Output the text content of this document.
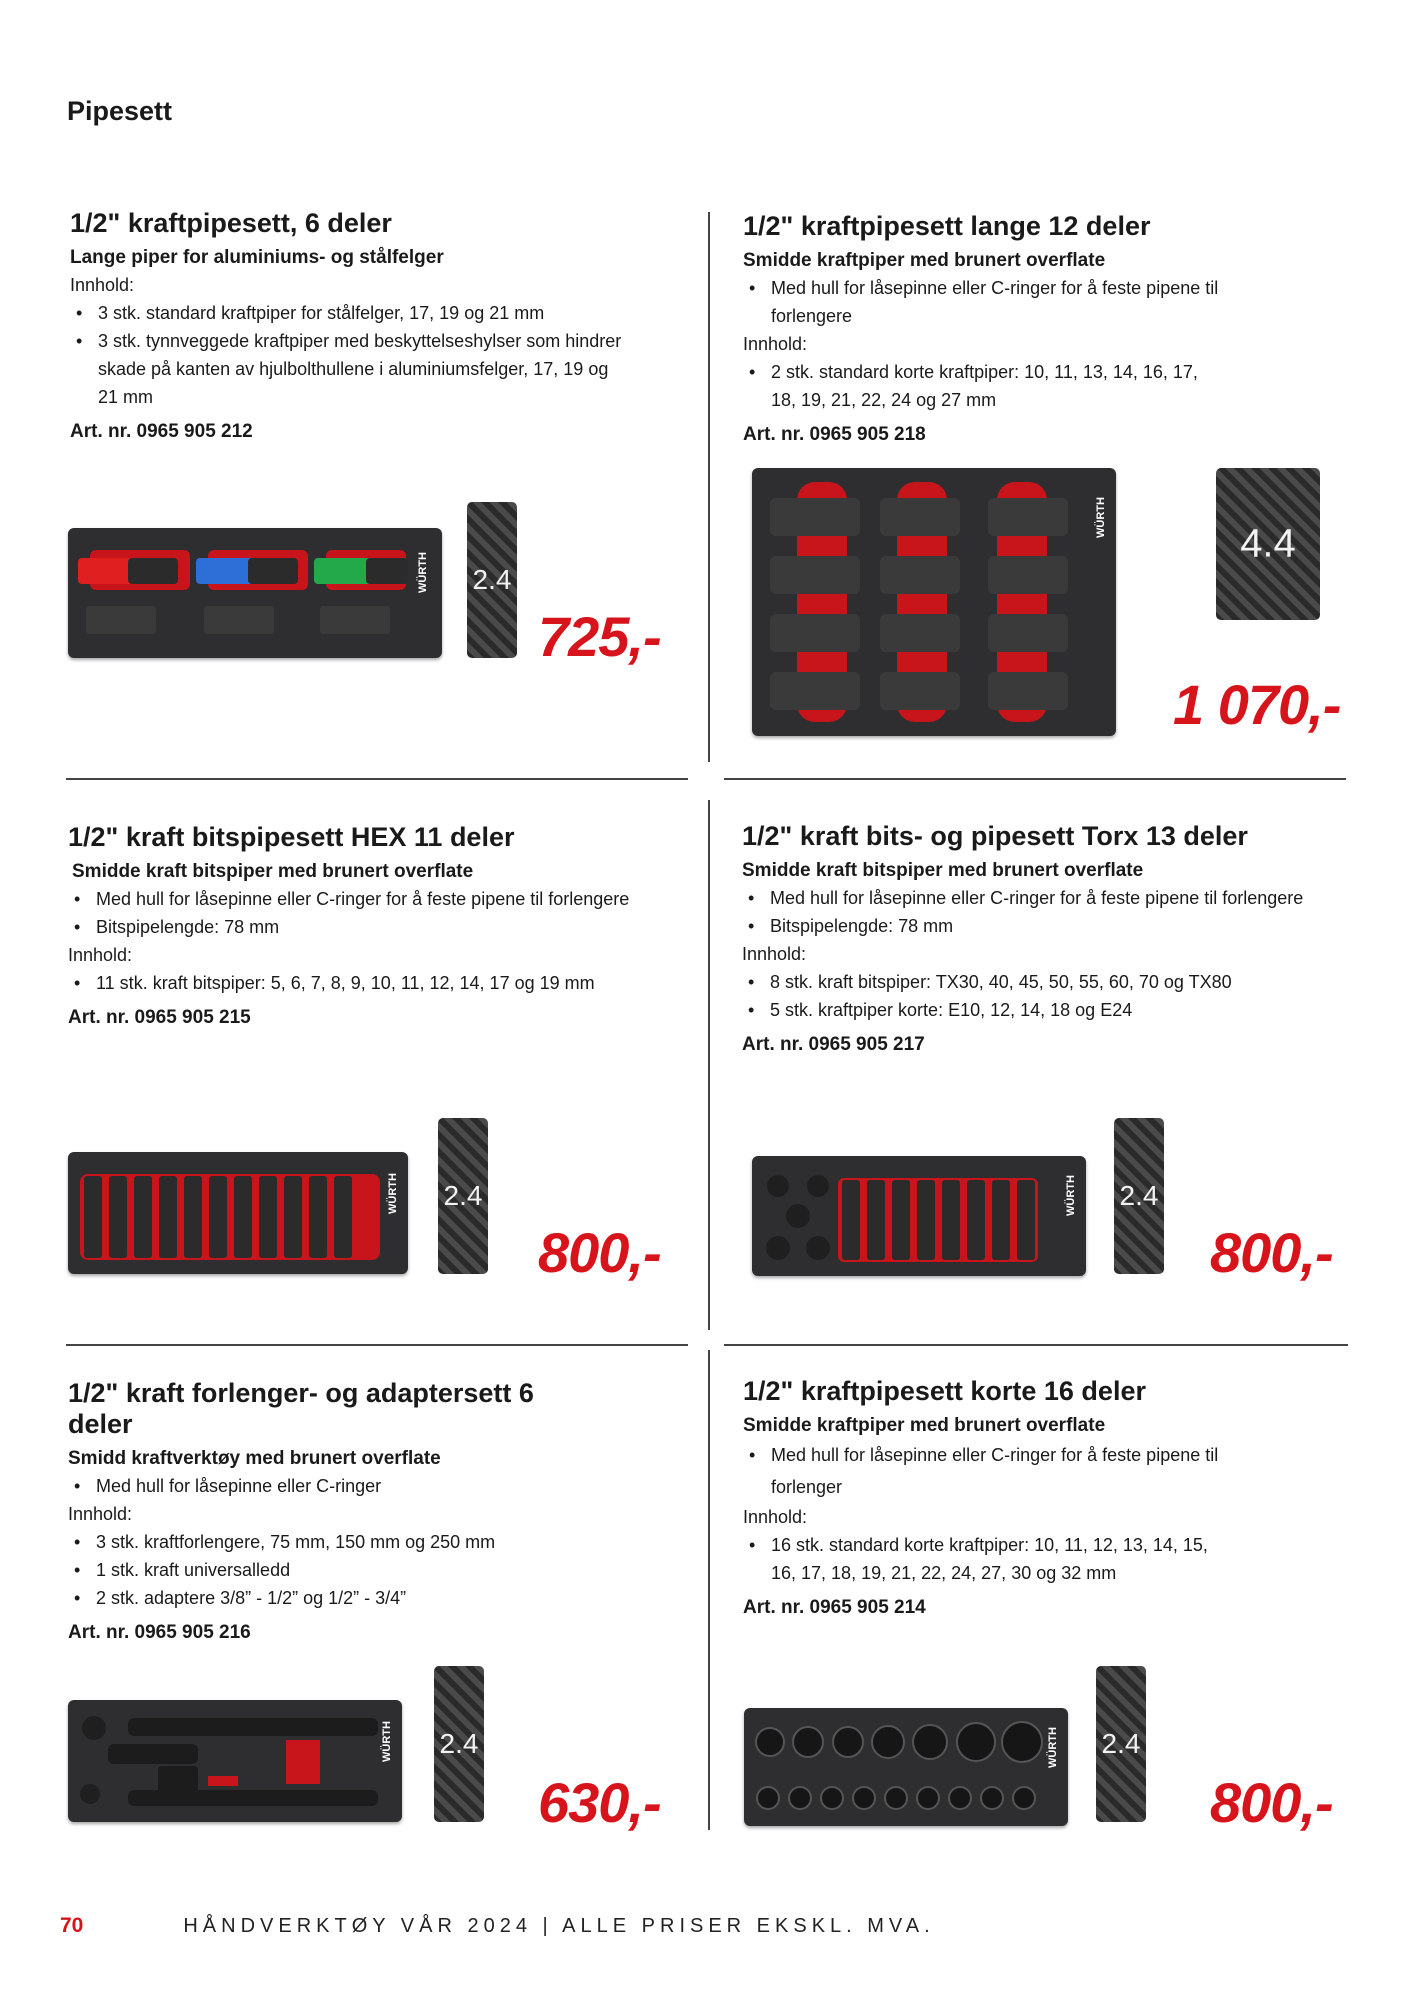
Pipesett
1/2" kraftpipesett, 6 deler
Lange piper for aluminiums- og stålfelger
Innhold:
• 3 stk. standard kraftpiper for stålfelger, 17, 19 og 21 mm
• 3 stk. tynnveggede kraftpiper med beskyttelseshylser som hindrer skade på kanten av hjulbolthullene i aluminiumsfelger, 17, 19 og 21 mm
Art. nr. 0965 905 212
WÜRTH 2.4
725,-
1/2" kraftpipesett lange 12 deler
Smidde kraftpiper med brunert overflate
• Med hull for låsepinne eller C-ringer for å feste pipene til forlengere
Innhold:
• 2 stk. standard korte kraftpiper: 10, 11, 13, 14, 16, 17, 18, 19, 21, 22, 24 og 27 mm
Art. nr. 0965 905 218
WÜRTH
4.4
1 070,-
1/2" kraft bitspipesett HEX 11 deler
Smidde kraft bitspiper med brunert overflate
• Med hull for låsepinne eller C-ringer for å feste pipene til forlengere
• Bitspipelengde: 78 mm
Innhold:
• 11 stk. kraft bitspiper: 5, 6, 7, 8, 9, 10, 11, 12, 14, 17 og 19 mm
Art. nr. 0965 905 215
WÜRTH 2.4
800,-
1/2" kraft bits- og pipesett Torx 13 deler
Smidde kraft bitspiper med brunert overflate
• Med hull for låsepinne eller C-ringer for å feste pipene til forlengere
• Bitspipelengde: 78 mm
Innhold:
• 8 stk. kraft bitspiper: TX30, 40, 45, 50, 55, 60, 70 og TX80
• 5 stk. kraftpiper korte: E10, 12, 14, 18 og E24
Art. nr. 0965 905 217
WÜRTH 2.4
800,-
1/2" kraft forlenger- og adaptersett 6 deler
Smidd kraftverktøy med brunert overflate
• Med hull for låsepinne eller C-ringer
Innhold:
• 3 stk. kraftforlengere, 75 mm, 150 mm og 250 mm
• 1 stk. kraft universalledd
• 2 stk. adaptere 3/8” - 1/2” og 1/2” - 3/4”
Art. nr. 0965 905 216
WÜRTH 2.4
630,-
1/2" kraftpipesett korte 16 deler
Smidde kraftpiper med brunert overflate
• Med hull for låsepinne eller C-ringer for å feste pipene til forlenger
Innhold:
• 16 stk. standard korte kraftpiper: 10, 11, 12, 13, 14, 15, 16, 17, 18, 19, 21, 22, 24, 27, 30 og 32 mm
Art. nr. 0965 905 214
WÜRTH 2.4
800,-
70	HÅNDVERKTØY VÅR 2024 | ALLE PRISER EKSKL. MVA.
